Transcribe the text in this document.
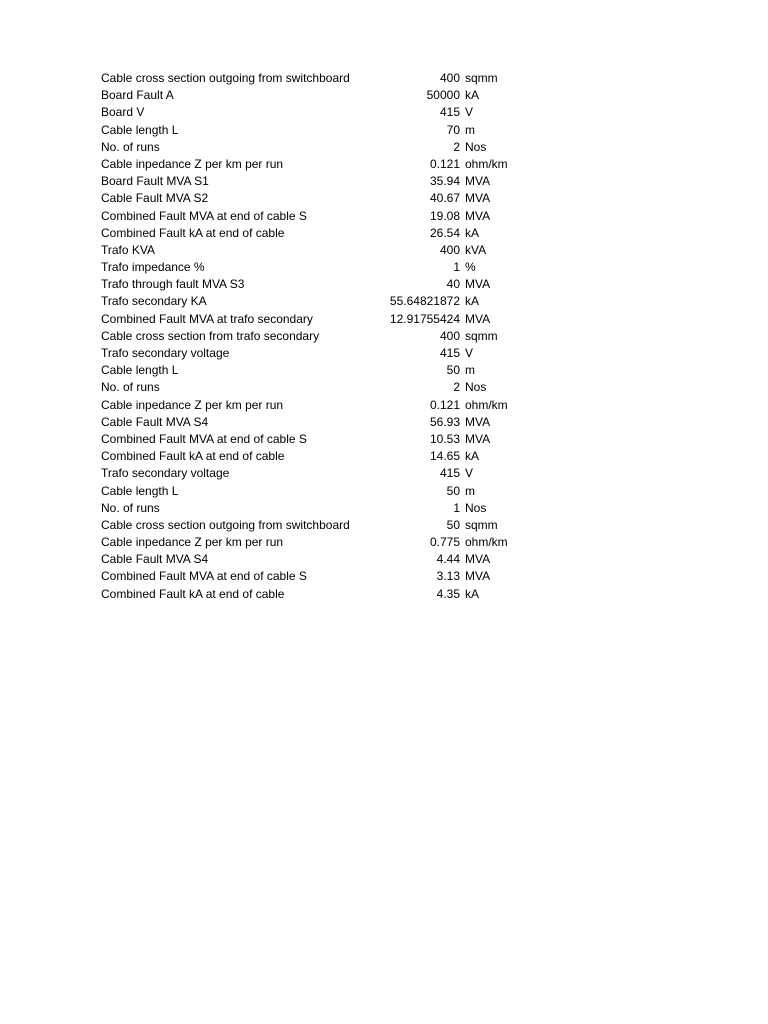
Cable cross section outgoing from switchboard	400 sqmm
Board Fault A	50000 kA
Board V	415 V
Cable length L	70 m
No. of runs	2 Nos
Cable inpedance Z per km per run	0.121 ohm/km
Board Fault MVA S1	35.94 MVA
Cable Fault MVA S2	40.67 MVA
Combined Fault MVA at end of cable S	19.08 MVA
Combined Fault kA at end of cable	26.54 kA
Trafo KVA	400 kVA
Trafo impedance %	1 %
Trafo through fault MVA S3	40 MVA
Trafo secondary KA	55.64821872 kA
Combined Fault MVA at trafo secondary	12.91755424 MVA
Cable cross section from trafo secondary	400 sqmm
Trafo secondary voltage	415 V
Cable length L	50 m
No. of runs	2 Nos
Cable inpedance Z per km per run	0.121 ohm/km
Cable Fault MVA S4	56.93 MVA
Combined Fault MVA at end of cable S	10.53 MVA
Combined Fault kA at end of cable	14.65 kA
Trafo secondary voltage	415 V
Cable length L	50 m
No. of runs	1 Nos
Cable cross section outgoing from switchboard	50 sqmm
Cable inpedance Z per km per run	0.775 ohm/km
Cable Fault MVA S4	4.44 MVA
Combined Fault MVA at end of cable S	3.13 MVA
Combined Fault kA at end of cable	4.35 kA
